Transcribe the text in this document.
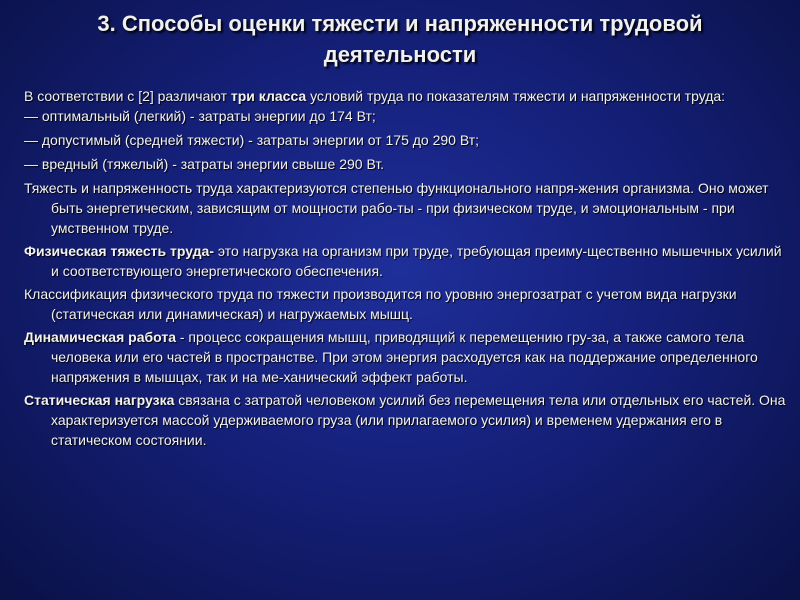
3. Способы оценки тяжести и напряженности трудовой деятельности
В соответствии с [2] различают три класса условий труда по показателям тяжести и напряженности труда:
— оптимальный (легкий) - затраты энергии до 174 Вт;
— допустимый (средней тяжести) - затраты энергии от 175 до 290 Вт;
— вредный (тяжелый) - затраты энергии свыше 290 Вт.
Тяжесть и напряженность труда характеризуются степенью функционального напря-жения организма. Оно может быть энергетическим, зависящим от мощности рабо-ты - при физическом труде, и эмоциональным - при умственном труде.
Физическая тяжесть труда- это нагрузка на организм при труде, требующая преиму-щественно мышечных усилий и соответствующего энергетического обеспечения.
Классификация физического труда по тяжести производится по уровню энергозатрат с учетом вида нагрузки (статическая или динамическая) и нагружаемых мышц.
Динамическая работа - процесс сокращения мышц, приводящий к перемещению гру-за, а также самого тела человека или его частей в пространстве. При этом энергия расходуется как на поддержание определенного напряжения в мышцах, так и на ме-ханический эффект работы.
Статическая нагрузка связана с затратой человеком усилий без перемещения тела или отдельных его частей. Она характеризуется массой удерживаемого груза (или прилагаемого усилия) и временем удержания его в статическом состоянии.
